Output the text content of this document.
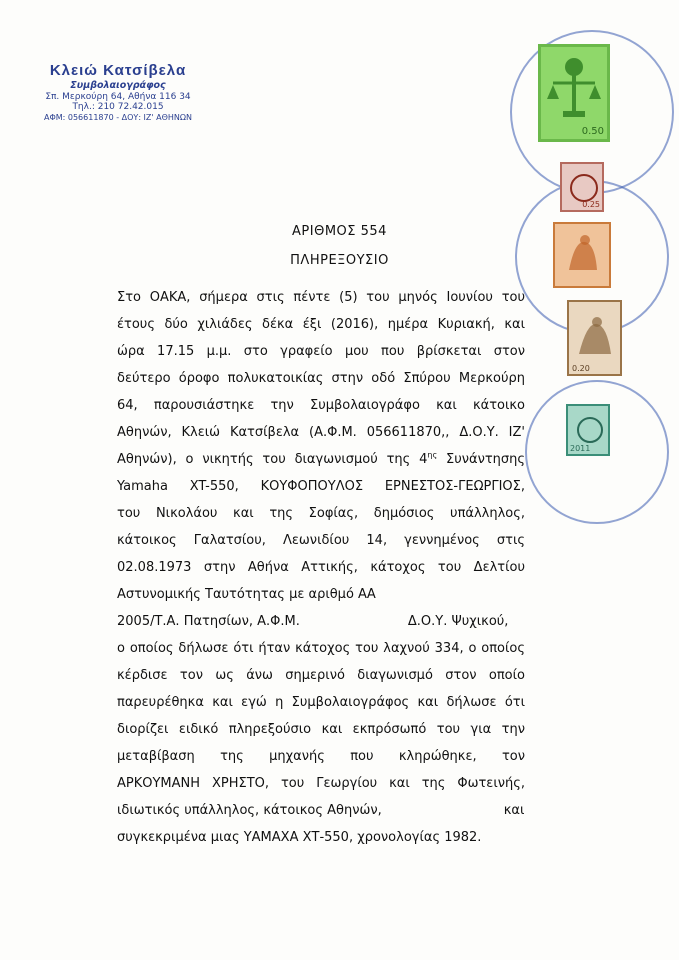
Κλειώ Κατσίβελα
Συμβολαιογράφος
Σπ. Μερκούρη 64, Αθήνα 116 34
Τηλ.: 210 72.42.015
ΑΦΜ: 056611870 - ΔΟΥ: ΙΖ' ΑΘΗΝΩΝ
0.50
0.25
0.20
2011
ΑΡΙΘΜΟΣ 554
ΠΛΗΡΕΞΟΥΣΙΟ
Στο ΟΑΚΑ, σήμερα στις πέντε (5) του μηνός Ιουνίου του
έτους δύο χιλιάδες δέκα έξι (2016), ημέρα Κυριακή, και
ώρα 17.15 μ.μ. στο γραφείο μου που βρίσκεται στον
δεύτερο όροφο πολυκατοικίας στην οδό Σπύρου Μερκούρη
64, παρουσιάστηκε την Συμβολαιογράφο και κάτοικο
Αθηνών, Κλειώ Κατσίβελα (Α.Φ.Μ. 056611870,, Δ.Ο.Υ. ΙΖ'
Αθηνών), ο νικητής του διαγωνισμού της $4^{\eta\varsigma}$ Συνάντησης
Yamaha XT-550, ΚΟΥΦΟΠΟΥΛΟΣ ΕΡΝΕΣΤΟΣ-ΓΕΩΡΓΙΟΣ,
του Νικολάου και της Σοφίας, δημόσιος υπάλληλος,
κάτοικος Γαλατσίου, Λεωνιδίου 14, γεννημένος στις
02.08.1973 στην Αθήνα Αττικής, κάτοχος του Δελτίου
Αστυνομικής Ταυτότητας με αριθμό ΑΑ
2005/Τ.Α. Πατησίων, Α.Φ.Μ.	Δ.Ο.Υ. Ψυχικού,
ο οποίος δήλωσε ότι ήταν κάτοχος του λαχνού 334, ο οποίος
κέρδισε τον ως άνω σημερινό διαγωνισμό στον οποίο
παρευρέθηκα και εγώ η Συμβολαιογράφος και δήλωσε ότι
διορίζει ειδικό πληρεξούσιο και εκπρόσωπό του για την
μεταβίβαση της μηχανής που κληρώθηκε, τον
ΑΡΚΟΥΜΑΝΗ ΧΡΗΣΤΟ, του Γεωργίου και της Φωτεινής,
ιδιωτικός υπάλληλος, κάτοικος Αθηνών,	και
συγκεκριμένα μιας ΥΑΜΑΧΑ ΧΤ-550, χρονολογίας 1982.
